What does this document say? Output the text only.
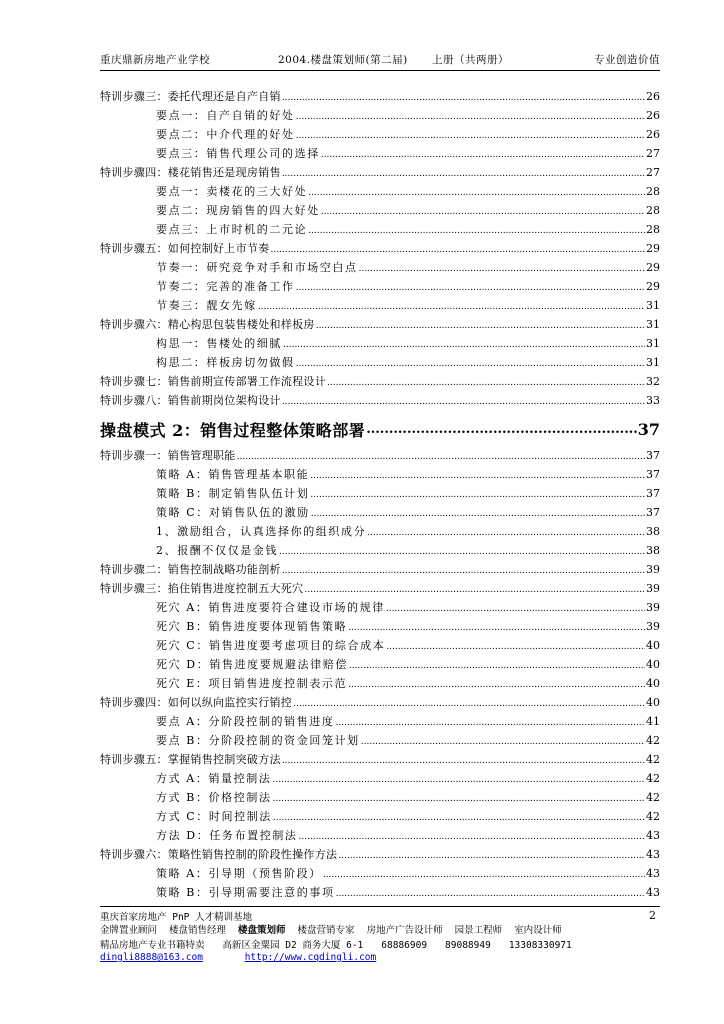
重庆鼎新房地产业学校	2004.楼盘策划师(第二届) 上册（共两册）	专业创造价值
特训步骤三：委托代理还是自产自销 .....	26
要点一：自产自销的好处 .....	26
要点二：中介代理的好处 .....	26
要点三：销售代理公司的选择 .....	27
特训步骤四：楼花销售还是现房销售 .....	27
要点一：卖楼花的三大好处 .....	28
要点二：现房销售的四大好处 .....	28
要点三：上市时机的二元论 .....	28
特训步骤五：如何控制好上市节奏 .....	29
节奏一：研究竞争对手和市场空白点 .....	29
节奏二：完善的准备工作 .....	29
节奏三：靓女先嫁 .....	31
特训步骤六：精心构思包装售楼处和样板房 .....	31
构思一：售楼处的细腻 .....	31
构思二：样板房切勿做假 .....	31
特训步骤七：销售前期宣传部署工作流程设计 .....	32
特训步骤八：销售前期岗位架构设计 .....	33
操盘模式 2：销售过程整体策略部署 .....	37
特训步骤一：销售管理职能 .....	37
策略 A：销售管理基本职能 .....	37
策略 B：制定销售队伍计划 .....	37
策略 C：对销售队伍的激励 .....	37
1、激励组合，认真选择你的组织成分 .....	38
2、报酬不仅仅是金钱 .....	38
特训步骤二：销售控制战略功能剖析 .....	39
特训步骤三：掐住销售进度控制五大死穴 .....	39
死穴 A：销售进度要符合建设市场的规律 .....	39
死穴 B：销售进度要体现销售策略 .....	39
死穴 C：销售进度要考虑项目的综合成本 .....	40
死穴 D：销售进度要规避法律赔偿 .....	40
死穴 E：项目销售进度控制表示范 .....	40
特训步骤四：如何以纵向监控实行销控 .....	40
要点 A：分阶段控制的销售进度 .....	41
要点 B：分阶段控制的资金回笼计划 .....	42
特训步骤五：掌握销售控制突破方法 .....	42
方式 A：销量控制法 .....	42
方式 B：价格控制法 .....	42
方式 C：时间控制法 .....	42
方法 D：任务布置控制法 .....	43
特训步骤六：策略性销售控制的阶段性操作方法 .....	43
策略 A：引导期（预售阶段） .....	43
策略 B：引导期需要注意的事项 .....	43
重庆首家房地产 PnP 人才精训基地	2
金牌置业顾问 楼盘销售经理 楼盘策划师 楼盘营销专家 房地产广告设计师 园景工程师 室内设计师
精品房地产专业书籍特卖 高新区金粟园 D2 商务大厦 6-1 68886909 89088949 13308330971
dingli8888@163.com	http://www.cqdingli.com
